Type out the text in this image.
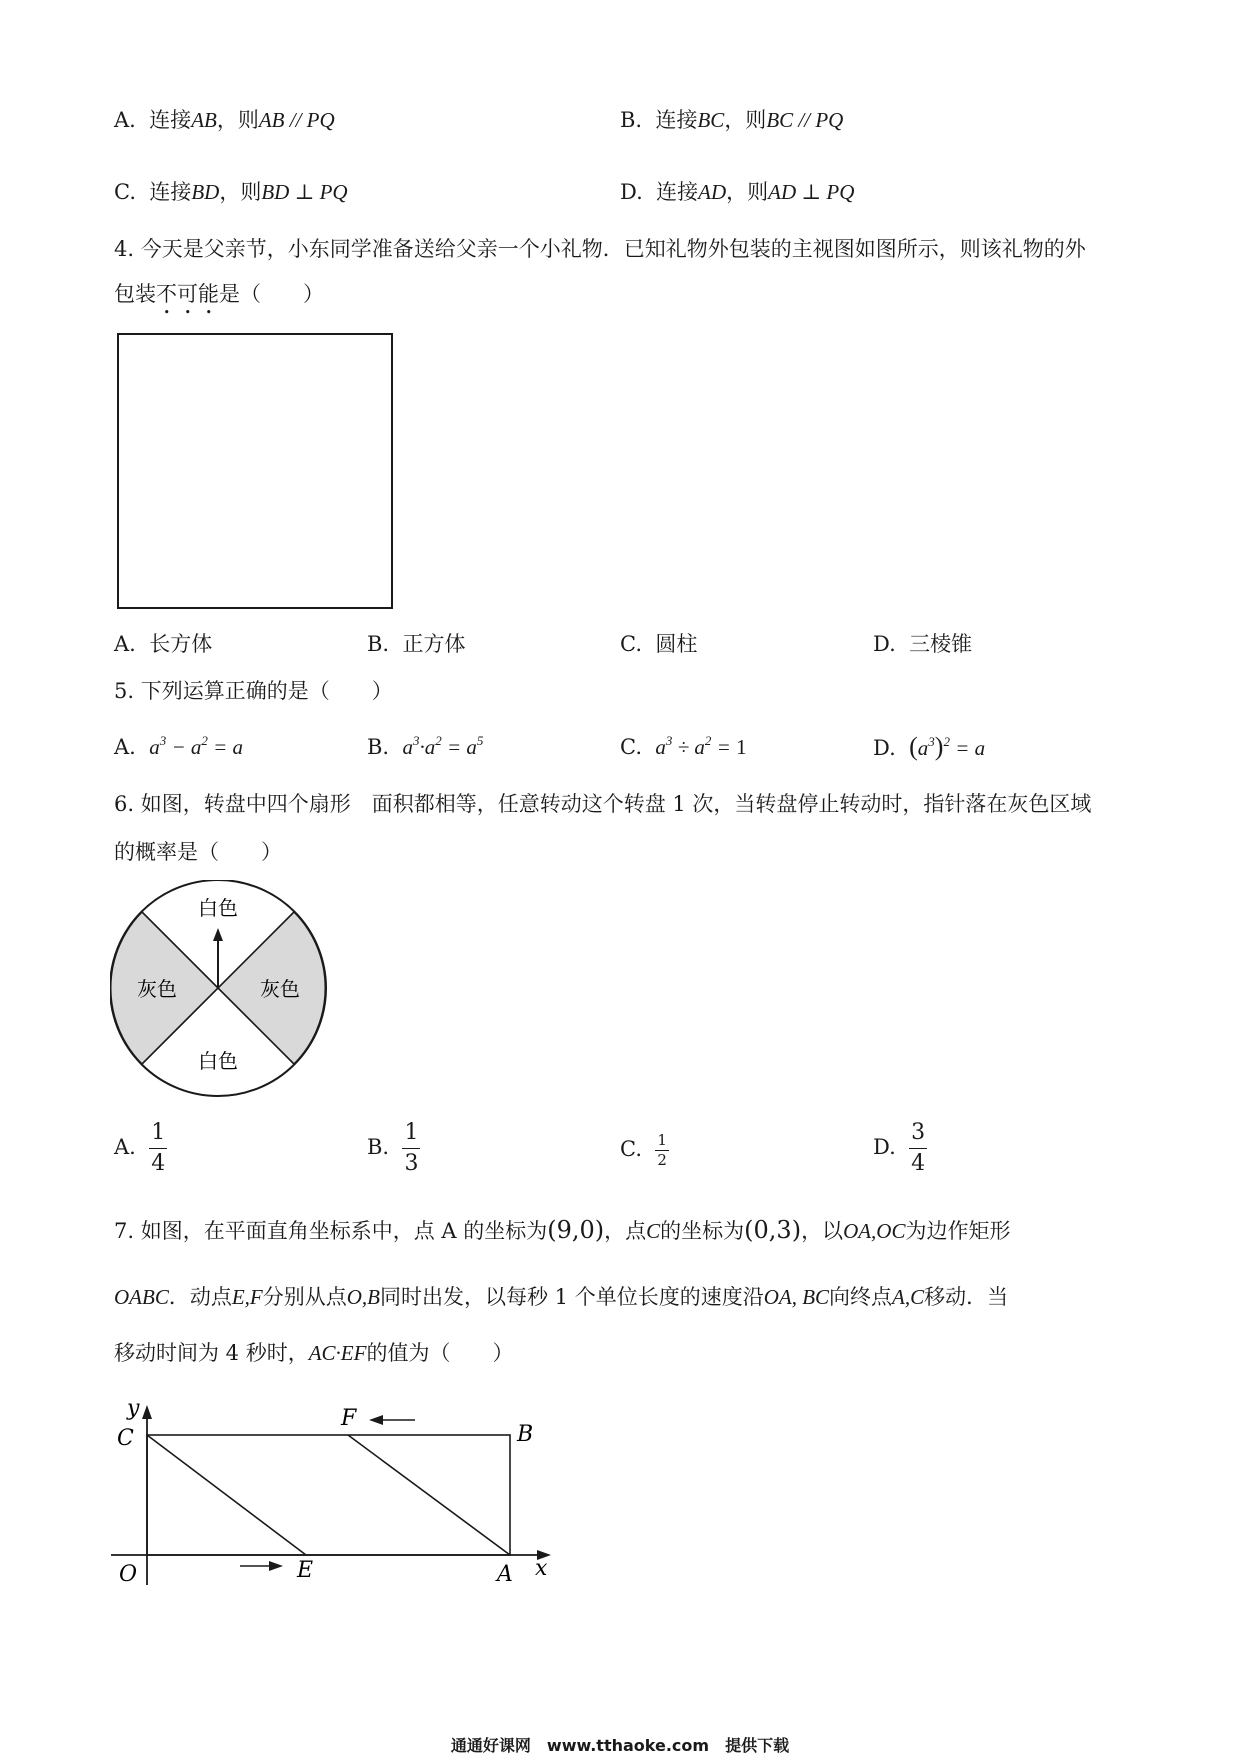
A. 连接AB，则AB // PQ	B. 连接BC，则BC // PQ
C. 连接BD，则BD ⊥ PQ	D. 连接AD，则AD ⊥ PQ
4. 今天是父亲节，小东同学准备送给父亲一个小礼物．已知礼物外包装的主视图如图所示，则该礼物的外
包装不可能是（　　）
A. 长方体	B. 正方体	C. 圆柱	D. 三棱锥
5. 下列运算正确的是（　　）
A. $a^3 - a^2 = a$	B. $a^3\cdot a^2 = a^5$	C. $a^3 \div a^2 = 1$	D. $(a^3)^2 = a$
6. 如图，转盘中四个扇形　面积都相等，任意转动这个转盘 1 次，当转盘停止转动时，指针落在灰色区域
的概率是（　　）
白色
白色
灰色	灰色
A. $\frac{1}{4}$	B. $\frac{1}{3}$	C. $\frac{1}{2}$	D. $\frac{3}{4}$
7. 如图，在平面直角坐标系中，点 A 的坐标为(9,0)，点C的坐标为(0,3)，以OA,OC为边作矩形
OABC．动点E,F分别从点O,B同时出发，以每秒 1 个单位长度的速度沿OA, BC向终点A,C移动．当
移动时间为 4 秒时，AC·EF的值为（　　）
y
C	B
F
O	E	A x
通通好课网　www.tthaoke.com　提供下载
